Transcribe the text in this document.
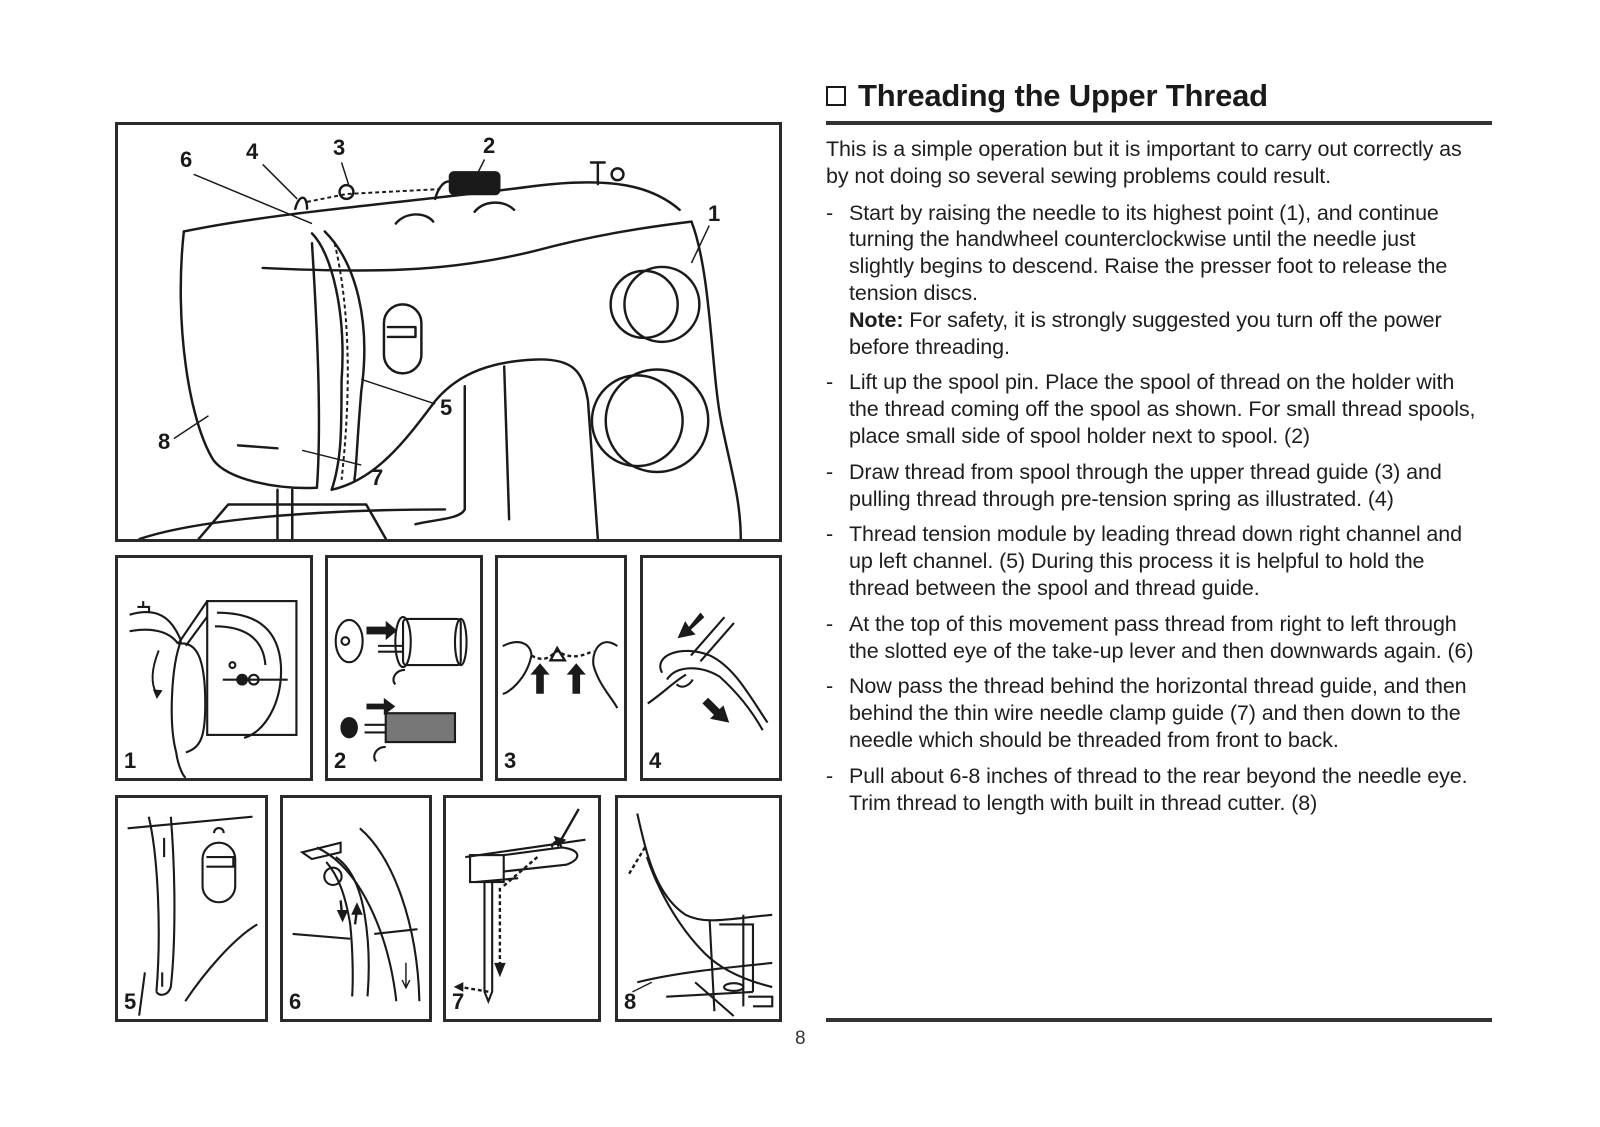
6 4	3	2
1
5
8
7
1	2	3	4
5	6	7	8
Threading the Upper Thread

This is a simple operation but it is important to carry out correctly as by not doing so several sewing problems could result.

- Start by raising the needle to its highest point (1), and continue turning the handwheel counterclockwise until the needle just slightly begins to descend. Raise the presser foot to release the tension discs.
Note: For safety, it is strongly suggested you turn off the power before threading.
- Lift up the spool pin. Place the spool of thread on the holder with the thread coming off the spool as shown. For small thread spools, place small side of spool holder next to spool. (2)
- Draw thread from spool through the upper thread guide (3) and pulling thread through pre-tension spring as illustrated. (4)
- Thread tension module by leading thread down right channel and up left channel. (5) During this process it is helpful to hold the thread between the spool and thread guide.
- At the top of this movement pass thread from right to left through the slotted eye of the take-up lever and then downwards again. (6)
- Now pass the thread behind the horizontal thread guide, and then behind the thin wire needle clamp guide (7) and then down to the needle which should be threaded from front to back.
- Pull about 6-8 inches of thread to the rear beyond the needle eye. Trim thread to length with built in thread cutter. (8)
8
